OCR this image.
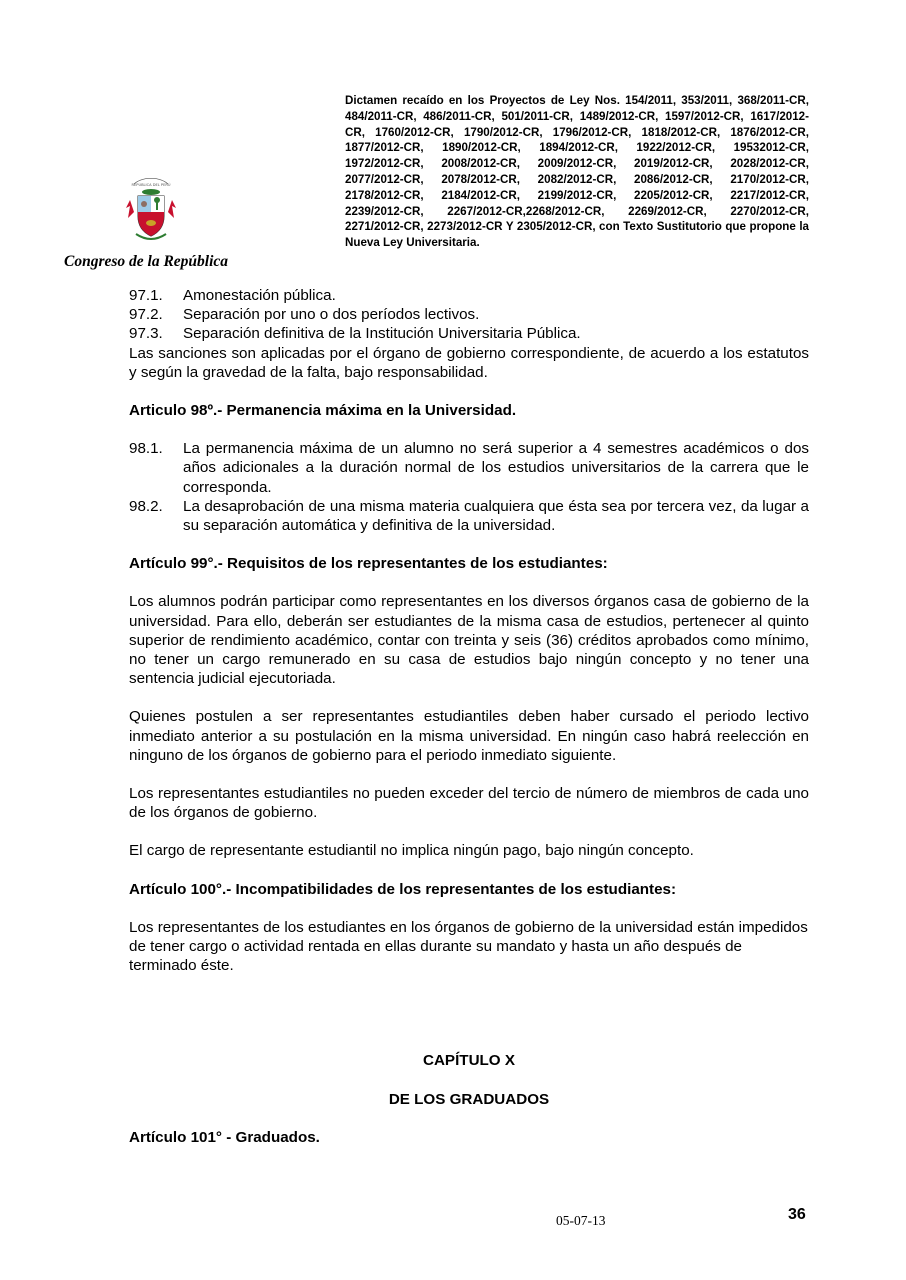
Dictamen recaído en los Proyectos de Ley Nos. 154/2011, 353/2011, 368/2011-CR, 484/2011-CR, 486/2011-CR, 501/2011-CR, 1489/2012-CR, 1597/2012-CR, 1617/2012-CR, 1760/2012-CR, 1790/2012-CR, 1796/2012-CR, 1818/2012-CR, 1876/2012-CR, 1877/2012-CR, 1890/2012-CR, 1894/2012-CR, 1922/2012-CR, 19532012-CR, 1972/2012-CR, 2008/2012-CR, 2009/2012-CR, 2019/2012-CR, 2028/2012-CR, 2077/2012-CR, 2078/2012-CR, 2082/2012-CR, 2086/2012-CR, 2170/2012-CR, 2178/2012-CR, 2184/2012-CR, 2199/2012-CR, 2205/2012-CR, 2217/2012-CR, 2239/2012-CR, 2267/2012-CR,2268/2012-CR, 2269/2012-CR, 2270/2012-CR, 2271/2012-CR, 2273/2012-CR Y 2305/2012-CR, con Texto Sustitutorio que propone la Nueva Ley Universitaria.
REPÚBLICA DEL PERÚ
Congreso de la República
97.1.	Amonestación pública.
97.2.	Separación por uno o dos períodos lectivos.
97.3.	Separación definitiva de la Institución Universitaria Pública.

Las sanciones son aplicadas por el órgano de gobierno correspondiente, de acuerdo a los estatutos y según la gravedad de la falta, bajo responsabilidad.

Articulo 98º.- Permanencia máxima en la Universidad.

98.1.	La permanencia máxima de un alumno no será superior a 4 semestres académicos o dos años adicionales a la duración normal de los estudios universitarios de la carrera que le corresponda.
98.2.	La desaprobación de una misma materia cualquiera que ésta sea por tercera vez, da lugar a su separación automática y definitiva de la universidad.

Artículo 99°.- Requisitos de los representantes de los estudiantes:

Los alumnos podrán participar como representantes en los diversos órganos casa de gobierno de la universidad. Para ello, deberán ser estudiantes de la misma casa de estudios, pertenecer al quinto superior de rendimiento académico, contar con treinta y seis (36) créditos aprobados como mínimo, no tener un cargo remunerado en su casa de estudios bajo ningún concepto y no tener una sentencia judicial ejecutoriada.

Quienes postulen a ser representantes estudiantiles deben haber cursado el periodo lectivo inmediato anterior a su postulación en la misma universidad. En ningún caso habrá reelección en ninguno de los órganos de gobierno para el periodo inmediato siguiente.

Los representantes estudiantiles no pueden exceder del tercio de número de miembros de cada uno de los órganos de gobierno.

El cargo de representante estudiantil no implica ningún pago, bajo ningún concepto.

Artículo 100°.- Incompatibilidades de los representantes de los estudiantes:

Los representantes de los estudiantes en los órganos de gobierno de la universidad están impedidos de tener cargo o actividad rentada en ellas durante su mandato y hasta un año después de terminado éste.

CAPÍTULO X

DE LOS GRADUADOS

Artículo 101° - Graduados.

05-07-13	36
